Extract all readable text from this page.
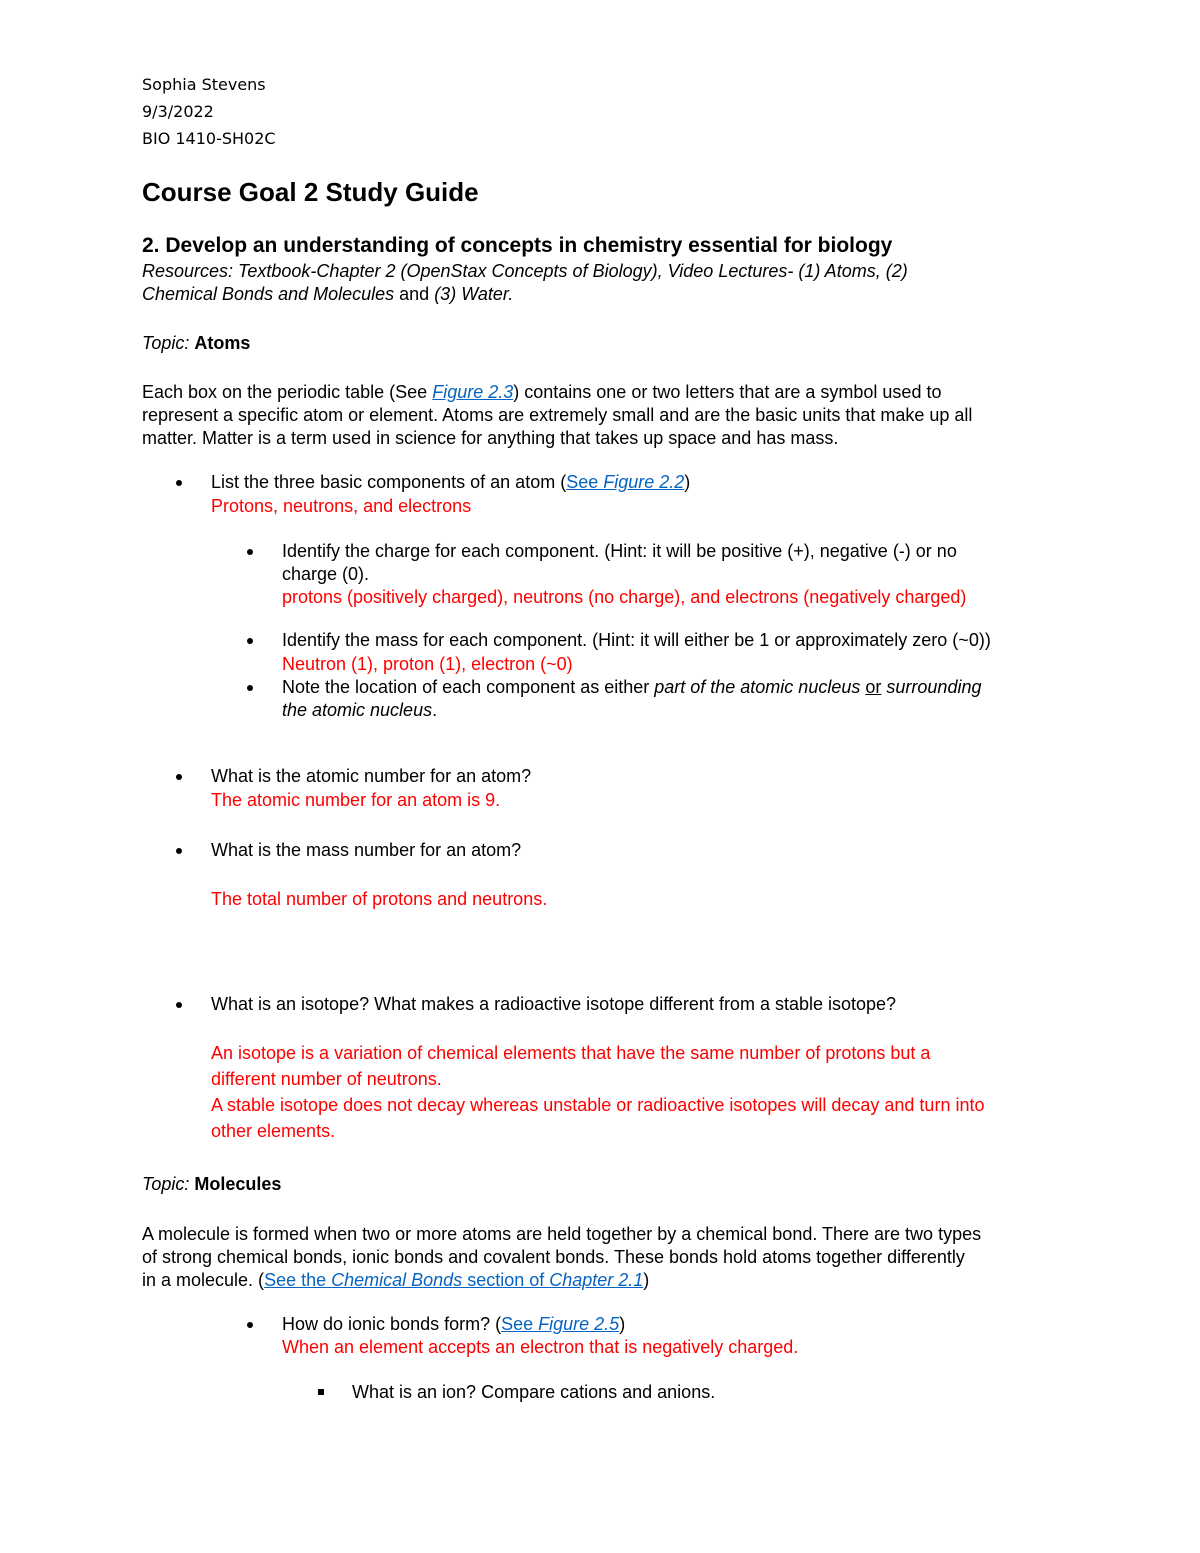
Sophia Stevens
9/3/2022
BIO 1410-SH02C
Course Goal 2 Study Guide
2. Develop an understanding of concepts in chemistry essential for biology
Resources: Textbook-Chapter 2 (OpenStax Concepts of Biology), Video Lectures- (1) Atoms, (2)
Chemical Bonds and Molecules and (3) Water.
Topic: Atoms
Each box on the periodic table (See Figure 2.3) contains one or two letters that are a symbol used to
represent a specific atom or element. Atoms are extremely small and are the basic units that make up all
matter. Matter is a term used in science for anything that takes up space and has mass.
List the three basic components of an atom (See Figure 2.2)
Protons, neutrons, and electrons
Identify the charge for each component. (Hint: it will be positive (+), negative (-) or no
charge (0).
protons (positively charged), neutrons (no charge), and electrons (negatively charged)
Identify the mass for each component. (Hint: it will either be 1 or approximately zero (~0))
Neutron (1), proton (1), electron (~0)
Note the location of each component as either part of the atomic nucleus or surrounding
the atomic nucleus.
What is the atomic number for an atom?
The atomic number for an atom is 9.
What is the mass number for an atom?
The total number of protons and neutrons.
What is an isotope? What makes a radioactive isotope different from a stable isotope?
An isotope is a variation of chemical elements that have the same number of protons but a
different number of neutrons.
A stable isotope does not decay whereas unstable or radioactive isotopes will decay and turn into
other elements.
Topic: Molecules
A molecule is formed when two or more atoms are held together by a chemical bond. There are two types
of strong chemical bonds, ionic bonds and covalent bonds. These bonds hold atoms together differently
in a molecule. (See the Chemical Bonds section of Chapter 2.1)
How do ionic bonds form? (See Figure 2.5)
When an element accepts an electron that is negatively charged.
What is an ion? Compare cations and anions.
